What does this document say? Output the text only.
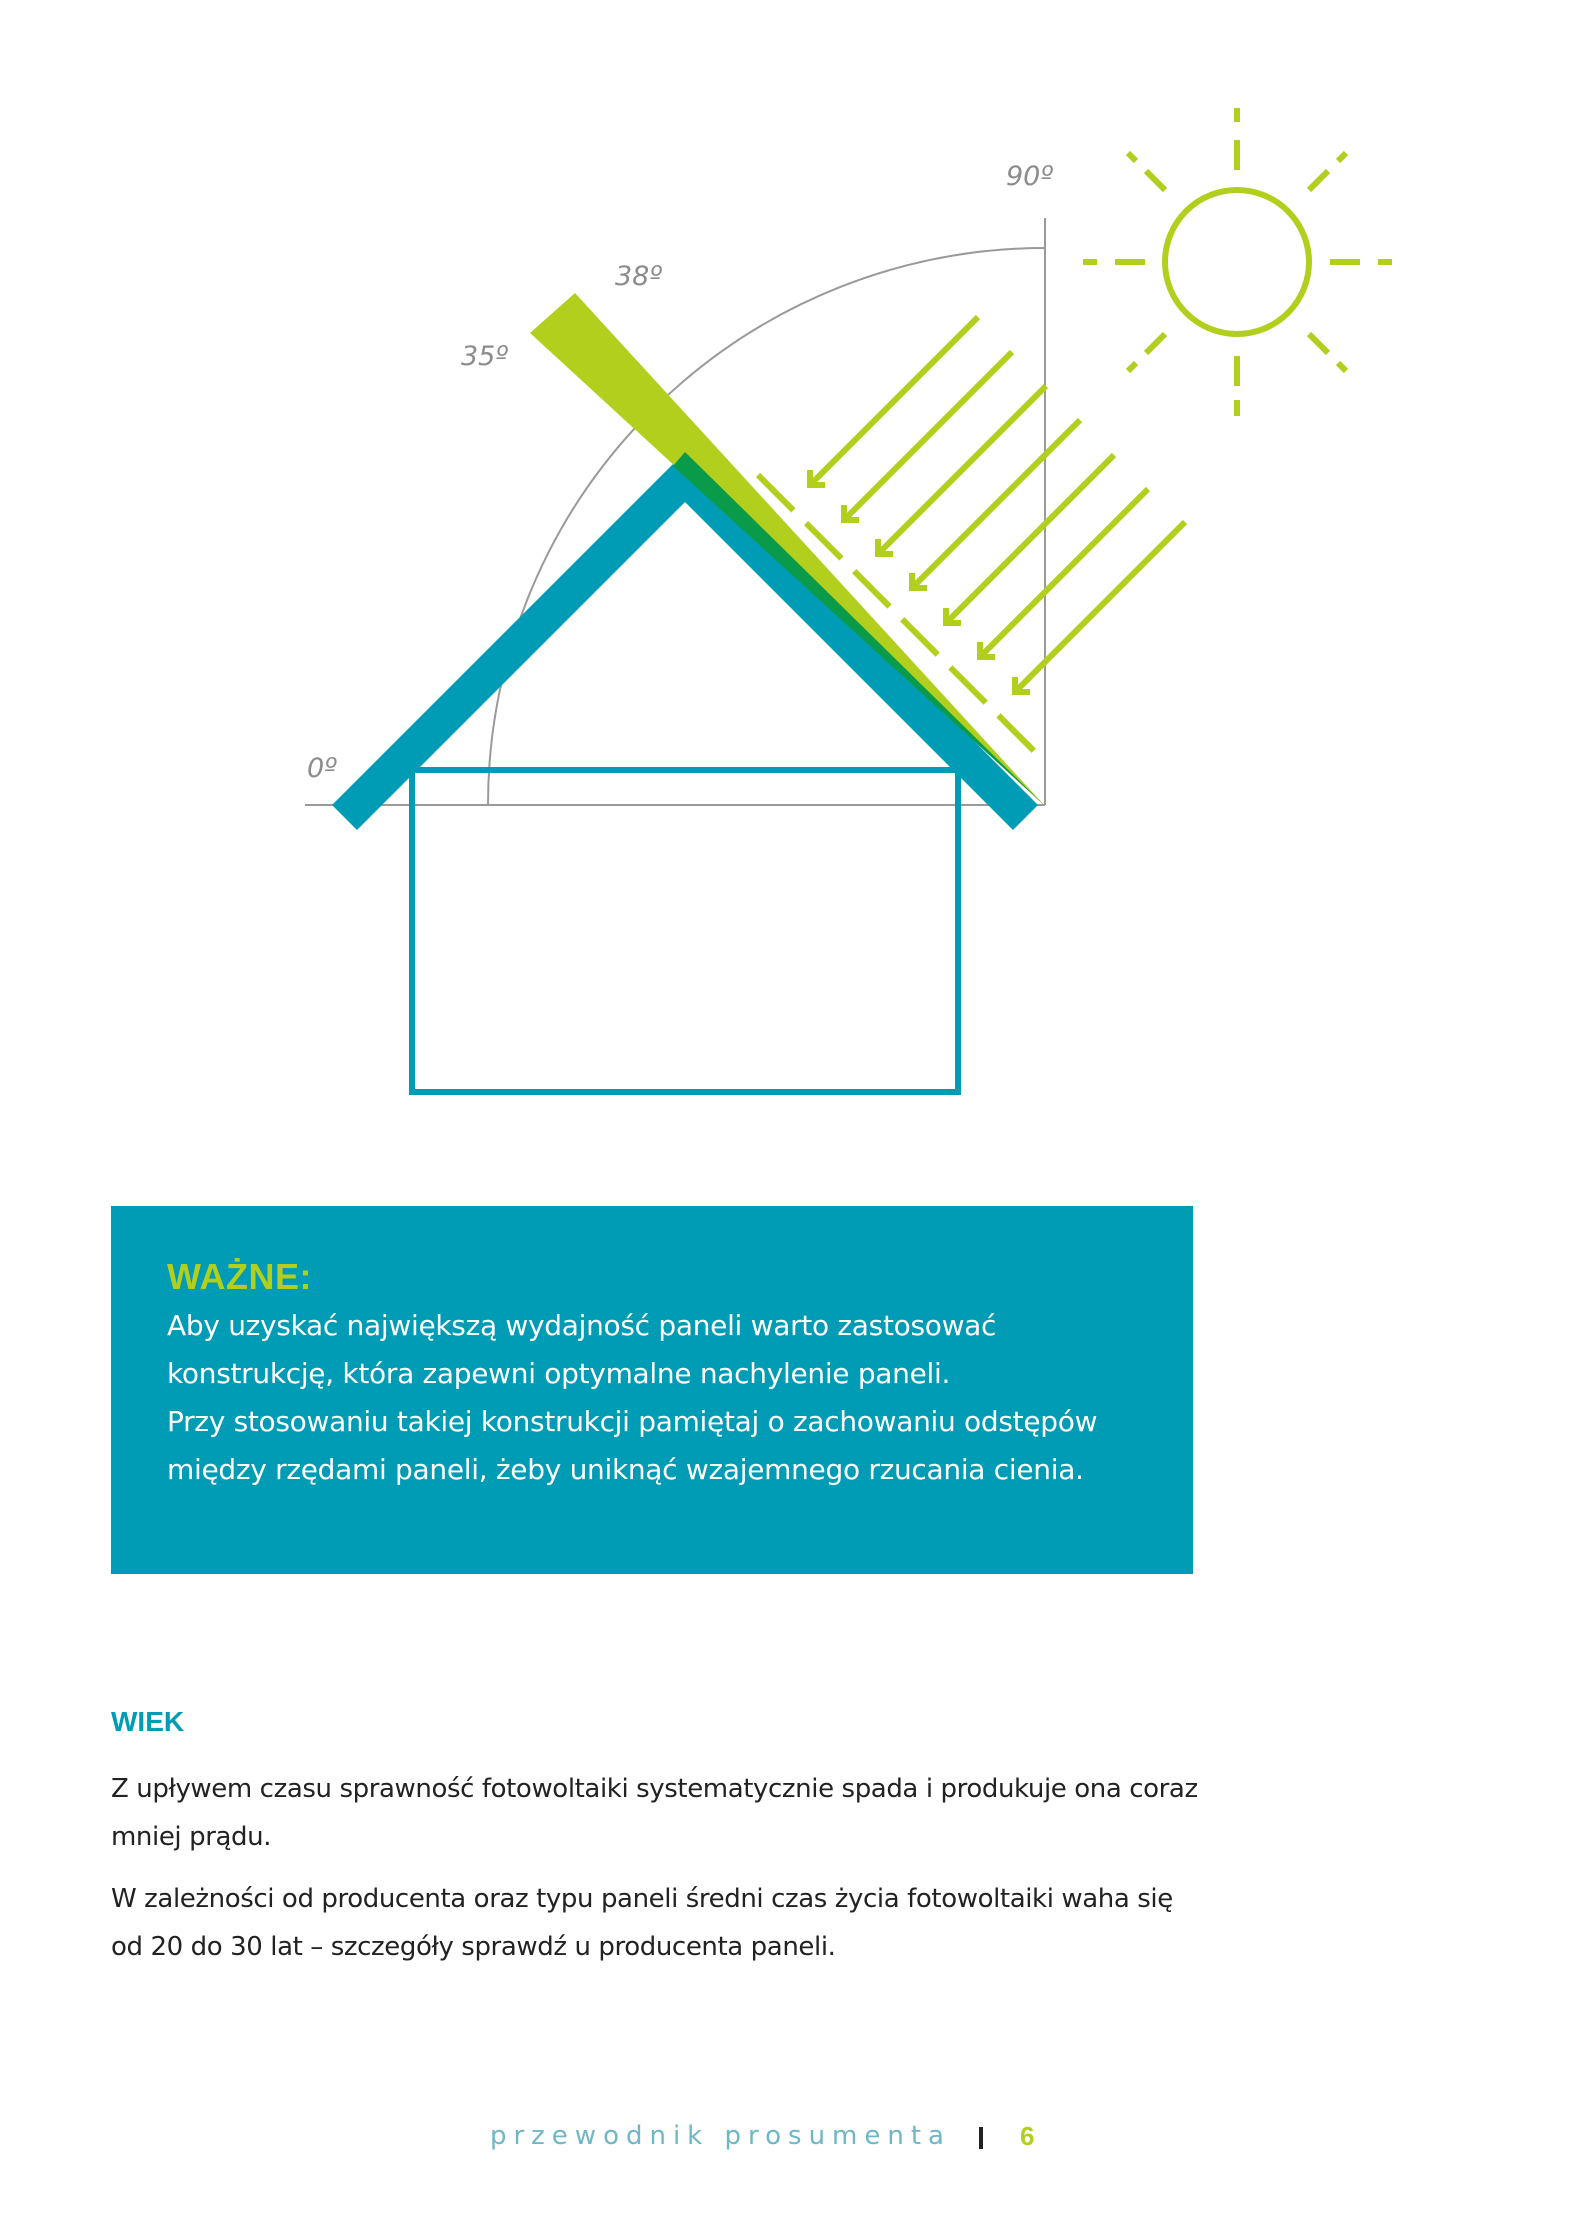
0º
35º
38º
90º

WAŻNE:

Aby uzyskać największą wydajność paneli warto zastosować
konstrukcję, która zapewni optymalne nachylenie paneli.
Przy stosowaniu takiej konstrukcji pamiętaj o zachowaniu odstępów
między rzędami paneli, żeby uniknąć wzajemnego rzucania cienia.

WIEK

Z upływem czasu sprawność fotowoltaiki systematycznie spada i produkuje ona coraz
mniej prądu.

W zależności od producenta oraz typu paneli średni czas życia fotowoltaiki waha się
od 20 do 30 lat – szczegóły sprawdź u producenta paneli.

przewodnik prosumenta	6
